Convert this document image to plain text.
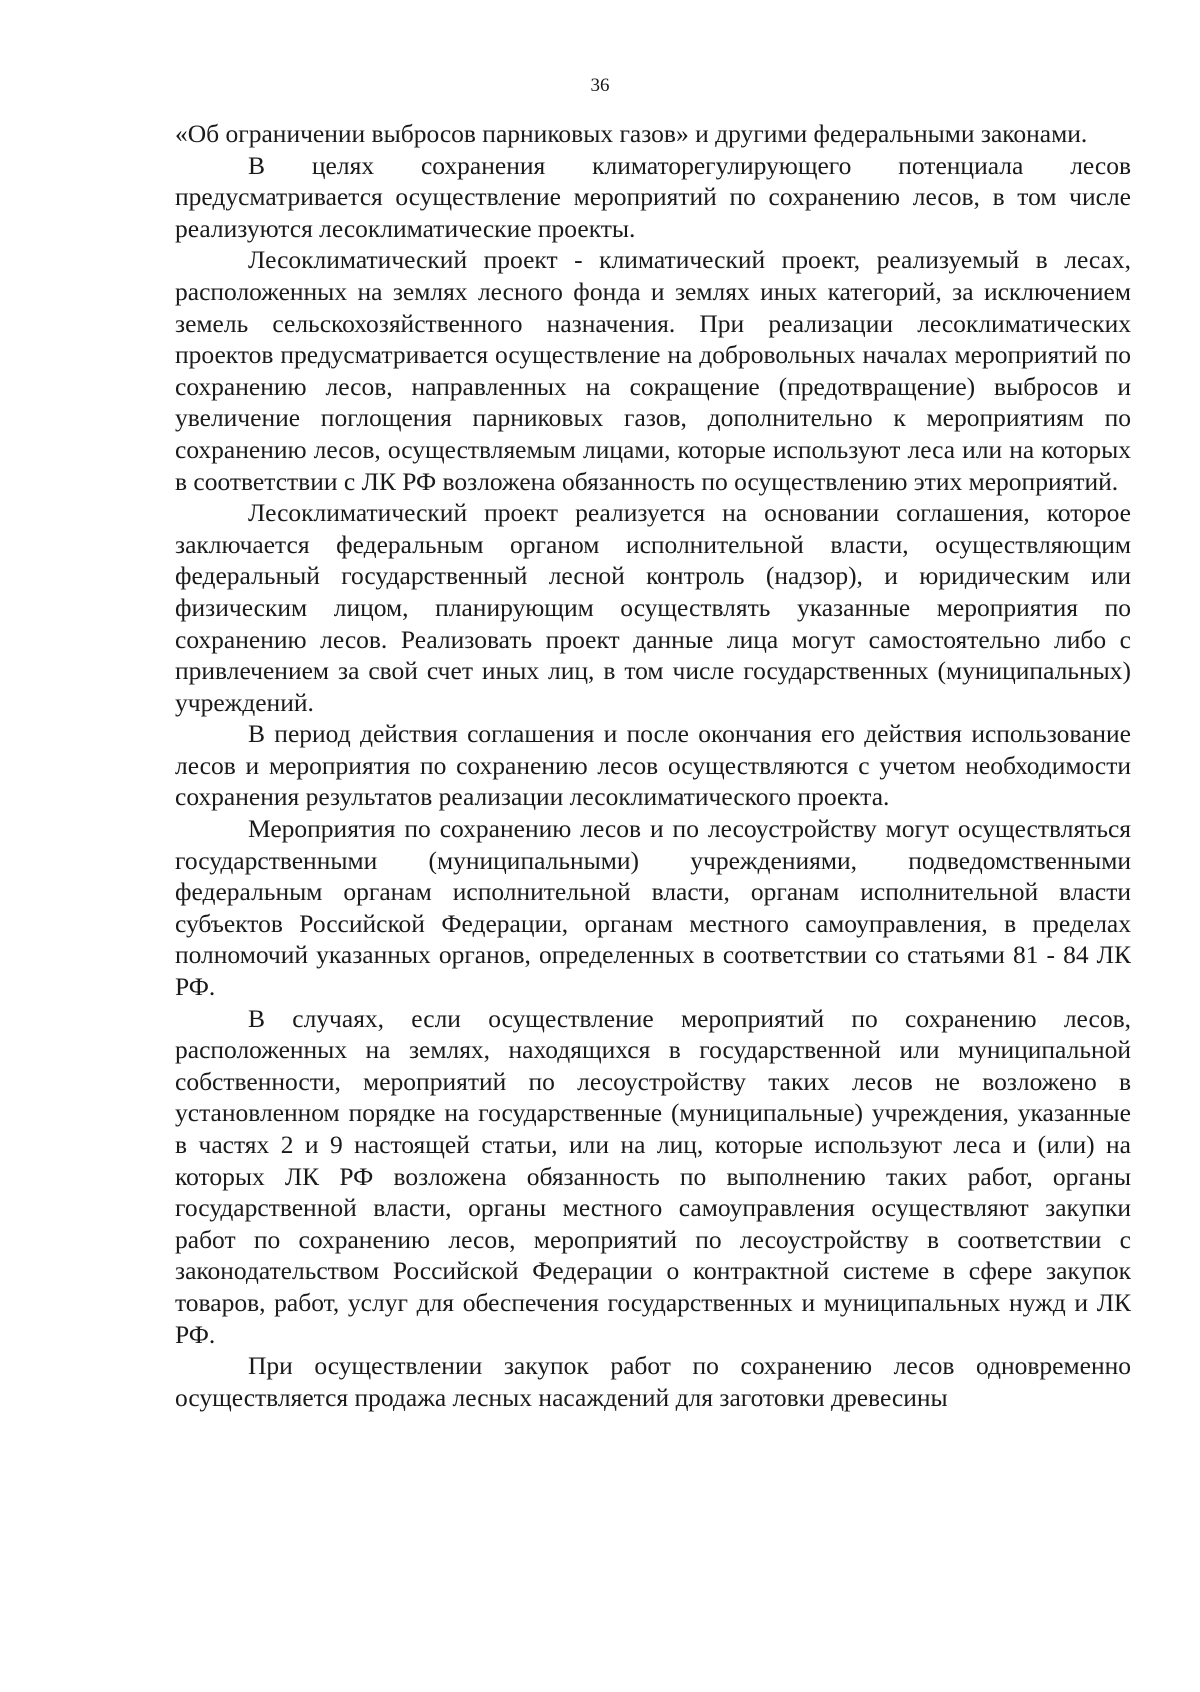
36

«Об ограничении выбросов парниковых газов» и другими федеральными законами.

В целях сохранения климаторегулирующего потенциала лесов предусматривается осуществление мероприятий по сохранению лесов, в том числе реализуются лесоклиматические проекты.

Лесоклиматический проект - климатический проект, реализуемый в лесах, расположенных на землях лесного фонда и землях иных категорий, за исключением земель сельскохозяйственного назначения. При реализации лесоклиматических проектов предусматривается осуществление на добровольных началах мероприятий по сохранению лесов, направленных на сокращение (предотвращение) выбросов и увеличение поглощения парниковых газов, дополнительно к мероприятиям по сохранению лесов, осуществляемым лицами, которые используют леса или на которых в соответствии с ЛК РФ возложена обязанность по осуществлению этих мероприятий.

Лесоклиматический проект реализуется на основании соглашения, которое заключается федеральным органом исполнительной власти, осуществляющим федеральный государственный лесной контроль (надзор), и юридическим или физическим лицом, планирующим осуществлять указанные мероприятия по сохранению лесов. Реализовать проект данные лица могут самостоятельно либо с привлечением за свой счет иных лиц, в том числе государственных (муниципальных) учреждений.

В период действия соглашения и после окончания его действия использование лесов и мероприятия по сохранению лесов осуществляются с учетом необходимости сохранения результатов реализации лесоклиматического проекта.

Мероприятия по сохранению лесов и по лесоустройству могут осуществляться государственными (муниципальными) учреждениями, подведомственными федеральным органам исполнительной власти, органам исполнительной власти субъектов Российской Федерации, органам местного самоуправления, в пределах полномочий указанных органов, определенных в соответствии со статьями 81 - 84 ЛК РФ.

В случаях, если осуществление мероприятий по сохранению лесов, расположенных на землях, находящихся в государственной или муниципальной собственности, мероприятий по лесоустройству таких лесов не возложено в установленном порядке на государственные (муниципальные) учреждения, указанные в частях 2 и 9 настоящей статьи, или на лиц, которые используют леса и (или) на которых ЛК РФ возложена обязанность по выполнению таких работ, органы государственной власти, органы местного самоуправления осуществляют закупки работ по сохранению лесов, мероприятий по лесоустройству в соответствии с законодательством Российской Федерации о контрактной системе в сфере закупок товаров, работ, услуг для обеспечения государственных и муниципальных нужд и ЛК РФ.

При осуществлении закупок работ по сохранению лесов одновременно осуществляется продажа лесных насаждений для заготовки древесины
